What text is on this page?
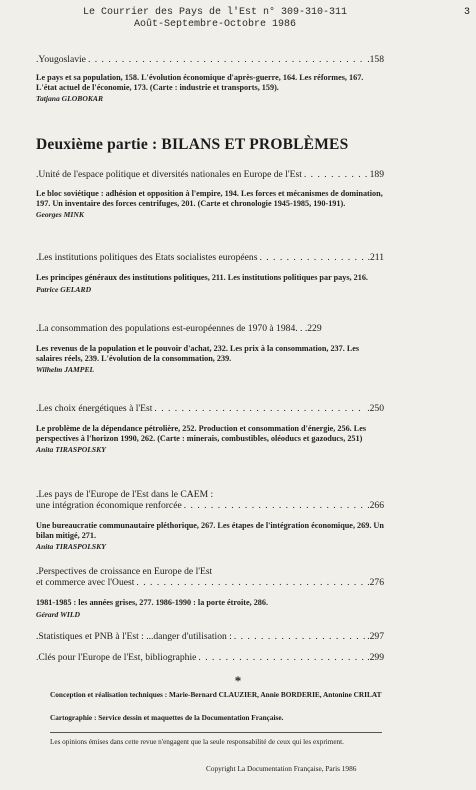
Le Courrier des Pays de l'Est n° 309-310-311
Août-Septembre-Octobre 1986
3
.Yougoslavie . . .	.158
Le pays et sa population, 158. L'évolution économique d'après-guerre, 164. Les réformes, 167. L'état actuel de l'économie, 173. (Carte : industrie et transports, 159).
Tatjana GLOBOKAR
Deuxième partie : BILANS ET PROBLÈMES
.Unité de l'espace politique et diversités nationales en Europe de l'Est . . .	. 189
Le bloc soviétique : adhésion et opposition à l'empire, 194. Les forces et mécanismes de domination, 197. Un inventaire des forces centrifuges, 201. (Carte et chronologie 1945-1985, 190-191).
Georges MINK
.Les institutions politiques des Etats socialistes européens . . .	.211
Les principes généraux des institutions politiques, 211. Les institutions politiques par pays, 216.
Patrice GELARD
.La consommation des populations est-européennes de 1970 à 1984 . . .229
Les revenus de la population et le pouvoir d'achat, 232. Les prix à la consommation, 237. Les salaires réels, 239. L'évolution de la consommation, 239.
Wilhelm JAMPEL
.Les choix énergétiques à l'Est . . .	.250
Le problème de la dépendance pétrolière, 252. Production et consommation d'énergie, 256. Les perspectives à l'horizon 1990, 262. (Carte : minerais, combustibles, oléoducs et gazoducs, 251)
Anita TIRASPOLSKY
.Les pays de l'Europe de l'Est dans le CAEM :
une intégration économique renforcée . . .	.266
Une bureaucratie communautaire pléthorique, 267. Les étapes de l'intégration économique, 269. Un bilan mitigé, 271.
Anita TIRASPOLSKY
.Perspectives de croissance en Europe de l'Est
et commerce avec l'Ouest . . .	.276
1981-1985 : les années grises, 277. 1986-1990 : la porte étroite, 286.
Gérard WILD
.Statistiques et PNB à l'Est : ...danger d'utilisation : . . .	.297
.Clés pour l'Europe de l'Est, bibliographie . . .	.299
*
Conception et réalisation techniques : Marie-Bernard CLAUZIER, Annie BORDERIE, Antonine CRILAT
Cartographie : Service dessin et maquettes de la Documentation Française.
Les opinions émises dans cette revue n'engagent que la seule responsabilité de ceux qui les expriment.
Copyright La Documentation Française, Paris 1986
